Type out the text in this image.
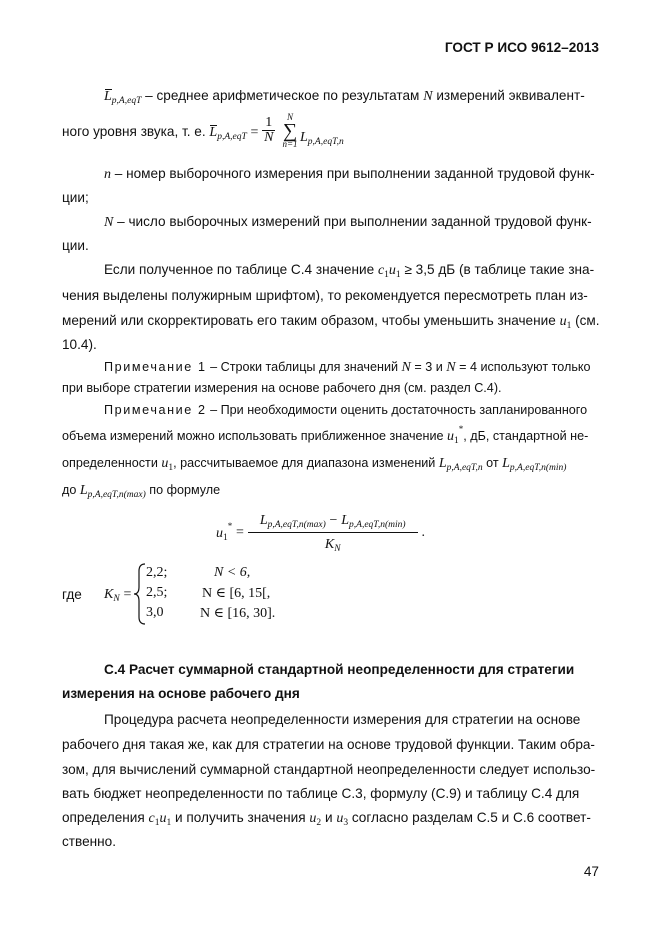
ГОСТ Р ИСО 9612–2013
$L_{p,A,eqT}$ – среднее арифметическое по результатам N измерений эквивалент-
ного уровня звука, т. е. $L_{p,A,eqT} = \frac{1}{N}$	N
∑
n=1 $L_{p,A,eqT,n}$
n – номер выборочного измерения при выполнении заданной трудовой функ-
ции;
N – число выборочных измерений при выполнении заданной трудовой функ-
ции.
Если полученное по таблице С.4 значение $c_1u_1 \ge 3,5$ дБ (в таблице такие зна-
чения выделены полужирным шрифтом), то рекомендуется пересмотреть план из-
мерений или скорректировать его таким образом, чтобы уменьшить значение $u_1$ (см.
10.4).
Примечание 1 – Строки таблицы для значений N = 3 и N = 4 используют только
при выборе стратегии измерения на основе рабочего дня (см. раздел С.4).
Примечание 2 – При необходимости оценить достаточность запланированного
объема измерений можно использовать приближенное значение $u_1^*$, дБ, стандартной не-
определенности $u_1$, рассчитываемое для диапазона изменений $L_{p,A,eqT,n}$ от $L_{p,A,eqT,n(min)}$
до $L_{p,A,eqT,n(max)}$ по формуле
$u_1^* = \frac{L_{p,A,eqT,n(max)} - L_{p,A,eqT,n(min)}}{K_N}$ .
где $K_N$ =
2,2;	N < 6,
2,5; N ∈ [6, 15[,
3,0	N ∈ [16, 30].
С.4 Расчет суммарной стандартной неопределенности для стратегии
измерения на основе рабочего дня
Процедура расчета неопределенности измерения для стратегии на основе
рабочего дня такая же, как для стратегии на основе трудовой функции. Таким обра-
зом, для вычислений суммарной стандартной неопределенности следует использо-
вать бюджет неопределенности по таблице С.3, формулу (С.9) и таблицу С.4 для
определения $c_1u_1$ и получить значения $u_2$ и $u_3$ согласно разделам С.5 и С.6 соответ-
ственно.
47
